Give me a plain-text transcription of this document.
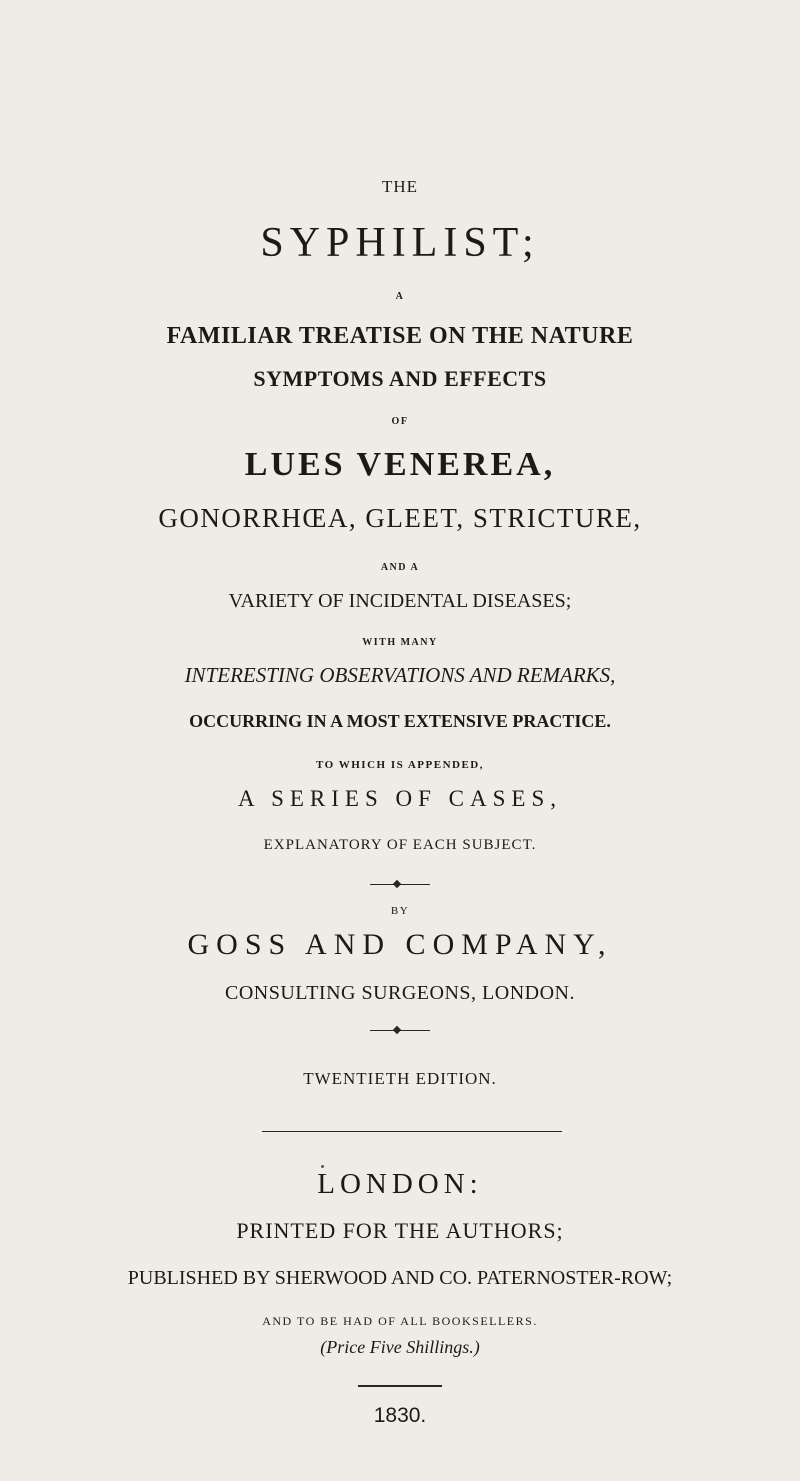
THE
SYPHILIST;
A
FAMILIAR TREATISE ON THE NATURE
SYMPTOMS AND EFFECTS
OF
LUES VENEREA,
GONORRHŒA, GLEET, STRICTURE,
AND A
VARIETY OF INCIDENTAL DISEASES;
WITH MANY
INTERESTING OBSERVATIONS AND REMARKS,
OCCURRING IN A MOST EXTENSIVE PRACTICE.
TO WHICH IS APPENDED,
A SERIES OF CASES,
EXPLANATORY OF EACH SUBJECT.
BY
GOSS AND COMPANY,
CONSULTING SURGEONS, LONDON.
TWENTIETH EDITION.
LONDON:
PRINTED FOR THE AUTHORS;
PUBLISHED BY SHERWOOD AND CO. PATERNOSTER-ROW;
AND TO BE HAD OF ALL BOOKSELLERS.
(Price Five Shillings.)
1830.
